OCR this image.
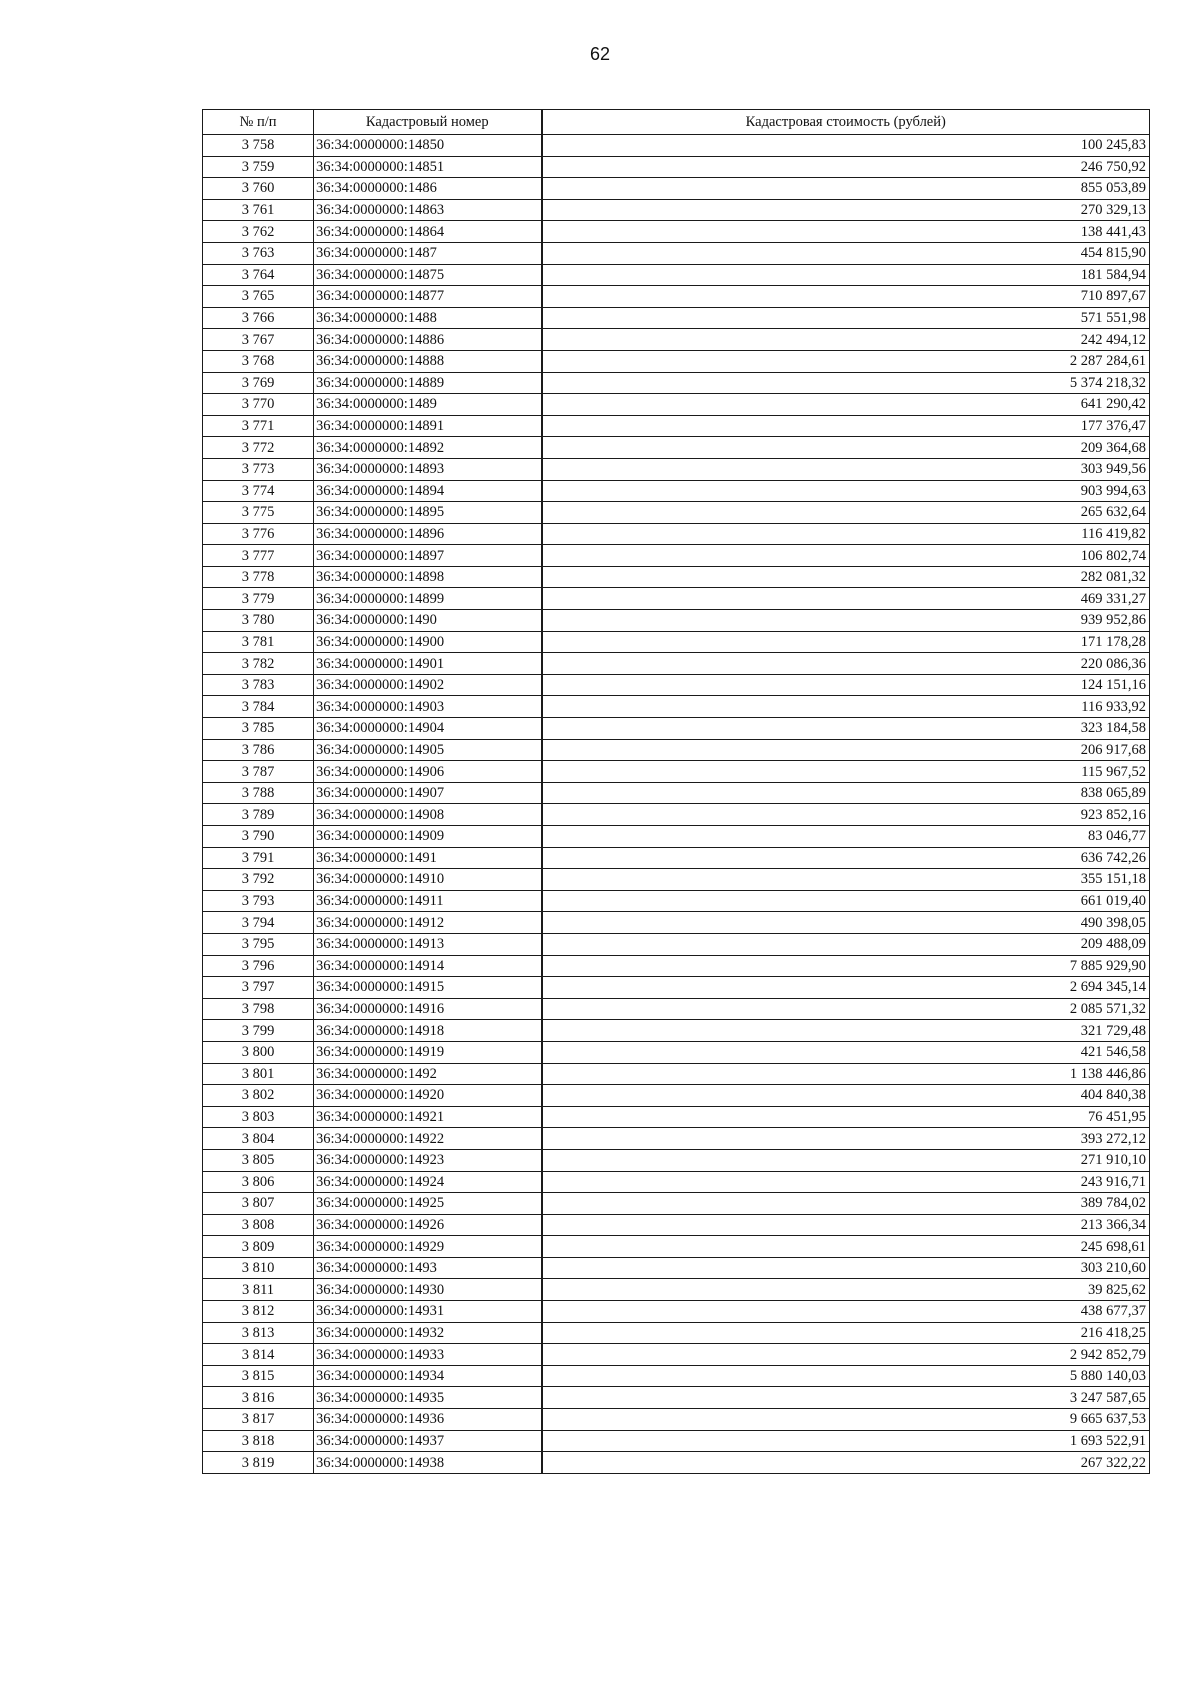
62
№ п/п	Кадастровый номер	Кадастровая стоимость (рублей)
3 758	36:34:0000000:14850	100 245,83
3 759	36:34:0000000:14851	246 750,92
3 760	36:34:0000000:1486	855 053,89
3 761	36:34:0000000:14863	270 329,13
3 762	36:34:0000000:14864	138 441,43
3 763	36:34:0000000:1487	454 815,90
3 764	36:34:0000000:14875	181 584,94
3 765	36:34:0000000:14877	710 897,67
3 766	36:34:0000000:1488	571 551,98
3 767	36:34:0000000:14886	242 494,12
3 768	36:34:0000000:14888	2 287 284,61
3 769	36:34:0000000:14889	5 374 218,32
3 770	36:34:0000000:1489	641 290,42
3 771	36:34:0000000:14891	177 376,47
3 772	36:34:0000000:14892	209 364,68
3 773	36:34:0000000:14893	303 949,56
3 774	36:34:0000000:14894	903 994,63
3 775	36:34:0000000:14895	265 632,64
3 776	36:34:0000000:14896	116 419,82
3 777	36:34:0000000:14897	106 802,74
3 778	36:34:0000000:14898	282 081,32
3 779	36:34:0000000:14899	469 331,27
3 780	36:34:0000000:1490	939 952,86
3 781	36:34:0000000:14900	171 178,28
3 782	36:34:0000000:14901	220 086,36
3 783	36:34:0000000:14902	124 151,16
3 784	36:34:0000000:14903	116 933,92
3 785	36:34:0000000:14904	323 184,58
3 786	36:34:0000000:14905	206 917,68
3 787	36:34:0000000:14906	115 967,52
3 788	36:34:0000000:14907	838 065,89
3 789	36:34:0000000:14908	923 852,16
3 790	36:34:0000000:14909	83 046,77
3 791	36:34:0000000:1491	636 742,26
3 792	36:34:0000000:14910	355 151,18
3 793	36:34:0000000:14911	661 019,40
3 794	36:34:0000000:14912	490 398,05
3 795	36:34:0000000:14913	209 488,09
3 796	36:34:0000000:14914	7 885 929,90
3 797	36:34:0000000:14915	2 694 345,14
3 798	36:34:0000000:14916	2 085 571,32
3 799	36:34:0000000:14918	321 729,48
3 800	36:34:0000000:14919	421 546,58
3 801	36:34:0000000:1492	1 138 446,86
3 802	36:34:0000000:14920	404 840,38
3 803	36:34:0000000:14921	76 451,95
3 804	36:34:0000000:14922	393 272,12
3 805	36:34:0000000:14923	271 910,10
3 806	36:34:0000000:14924	243 916,71
3 807	36:34:0000000:14925	389 784,02
3 808	36:34:0000000:14926	213 366,34
3 809	36:34:0000000:14929	245 698,61
3 810	36:34:0000000:1493	303 210,60
3 811	36:34:0000000:14930	39 825,62
3 812	36:34:0000000:14931	438 677,37
3 813	36:34:0000000:14932	216 418,25
3 814	36:34:0000000:14933	2 942 852,79
3 815	36:34:0000000:14934	5 880 140,03
3 816	36:34:0000000:14935	3 247 587,65
3 817	36:34:0000000:14936	9 665 637,53
3 818	36:34:0000000:14937	1 693 522,91
3 819	36:34:0000000:14938	267 322,22
